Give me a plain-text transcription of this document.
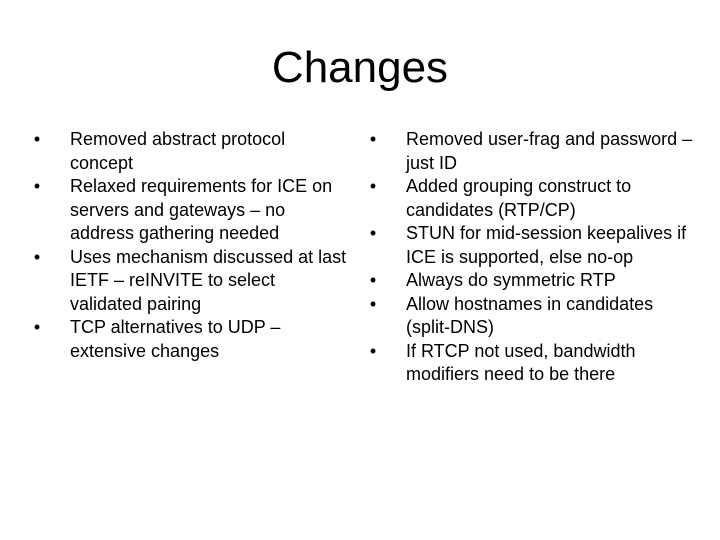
Changes
• Removed abstract protocol concept
• Relaxed requirements for ICE on servers and gateways – no address gathering needed
• Uses mechanism discussed at last IETF – reINVITE to select validated pairing
• TCP alternatives to UDP – extensive changes
• Removed user-frag and password – just ID
• Added grouping construct to candidates (RTP/CP)
• STUN for mid-session keepalives if ICE is supported, else no-op
• Always do symmetric RTP
• Allow hostnames in candidates (split-DNS)
• If RTCP not used, bandwidth modifiers need to be there
